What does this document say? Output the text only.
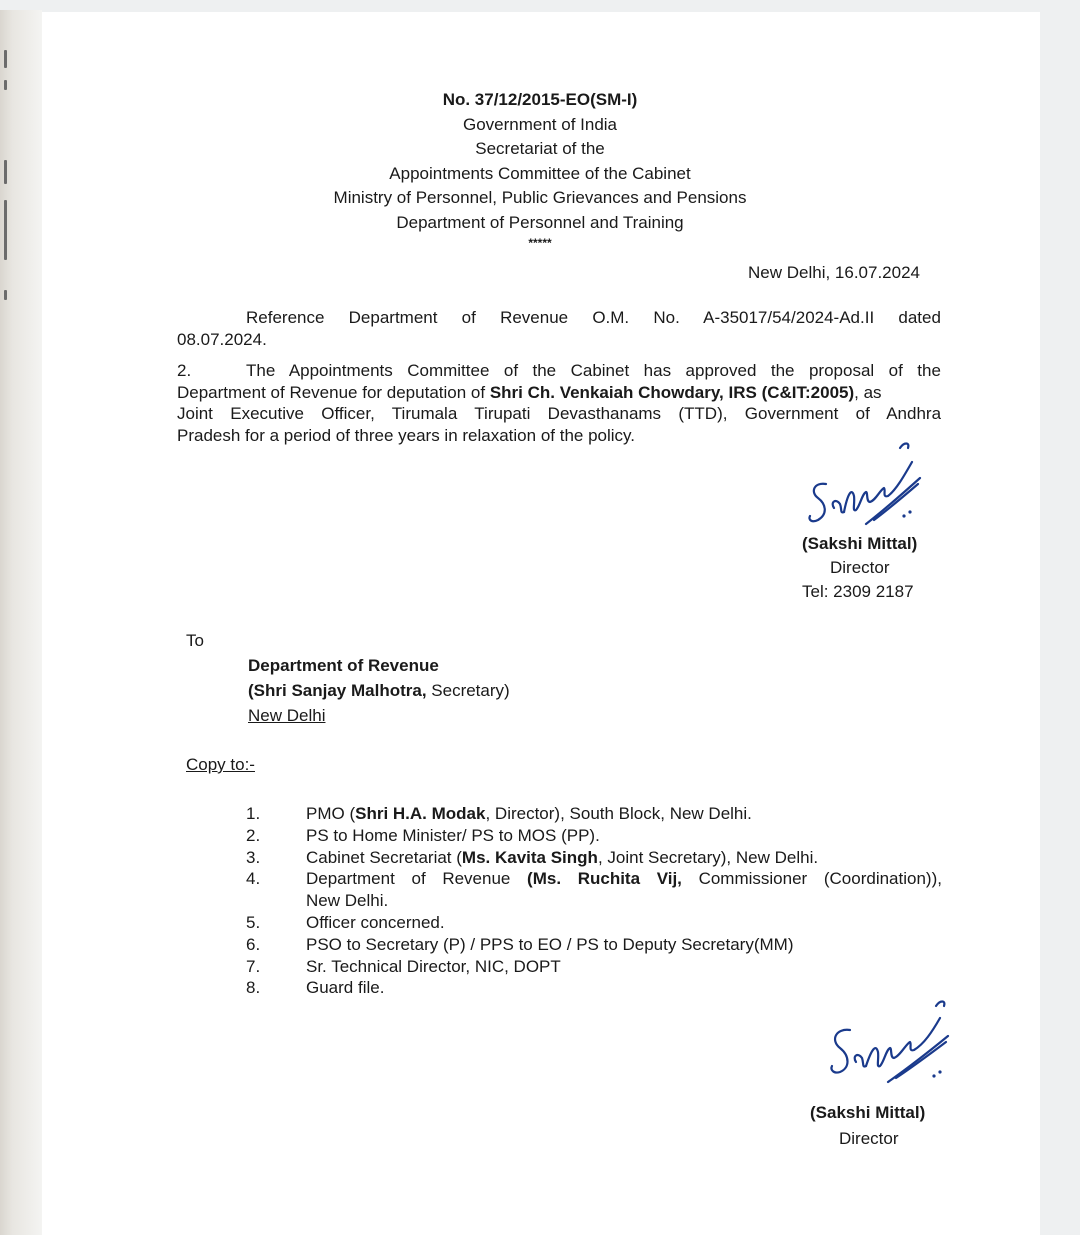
No. 37/12/2015-EO(SM-I)
Government of India
Secretariat of the
Appointments Committee of the Cabinet
Ministry of Personnel, Public Grievances and Pensions
Department of Personnel and Training
*****
New Delhi, 16.07.2024
Reference Department of Revenue O.M. No. A-35017/54/2024-Ad.II dated
08.07.2024.
2.	The Appointments Committee of the Cabinet has approved the proposal of the
Department of Revenue for deputation of Shri Ch. Venkaiah Chowdary, IRS (C&IT:2005), as
Joint Executive Officer, Tirumala Tirupati Devasthanams (TTD), Government of Andhra
Pradesh for a period of three years in relaxation of the policy.
(Sakshi Mittal)
Director
Tel: 2309 2187
To
Department of Revenue
(Shri Sanjay Malhotra, Secretary)
New Delhi
Copy to:-
1.
2.
3.
4.
5.
6.
7.
8.
PMO (Shri H.A. Modak, Director), South Block, New Delhi.
PS to Home Minister/ PS to MOS (PP).
Cabinet Secretariat (Ms. Kavita Singh, Joint Secretary), New Delhi.
Department of Revenue (Ms. Ruchita Vij, Commissioner (Coordination)),
New Delhi.
Officer concerned.
PSO to Secretary (P) / PPS to EO / PS to Deputy Secretary(MM)
Sr. Technical Director, NIC, DOPT
Guard file.
(Sakshi Mittal)
Director
